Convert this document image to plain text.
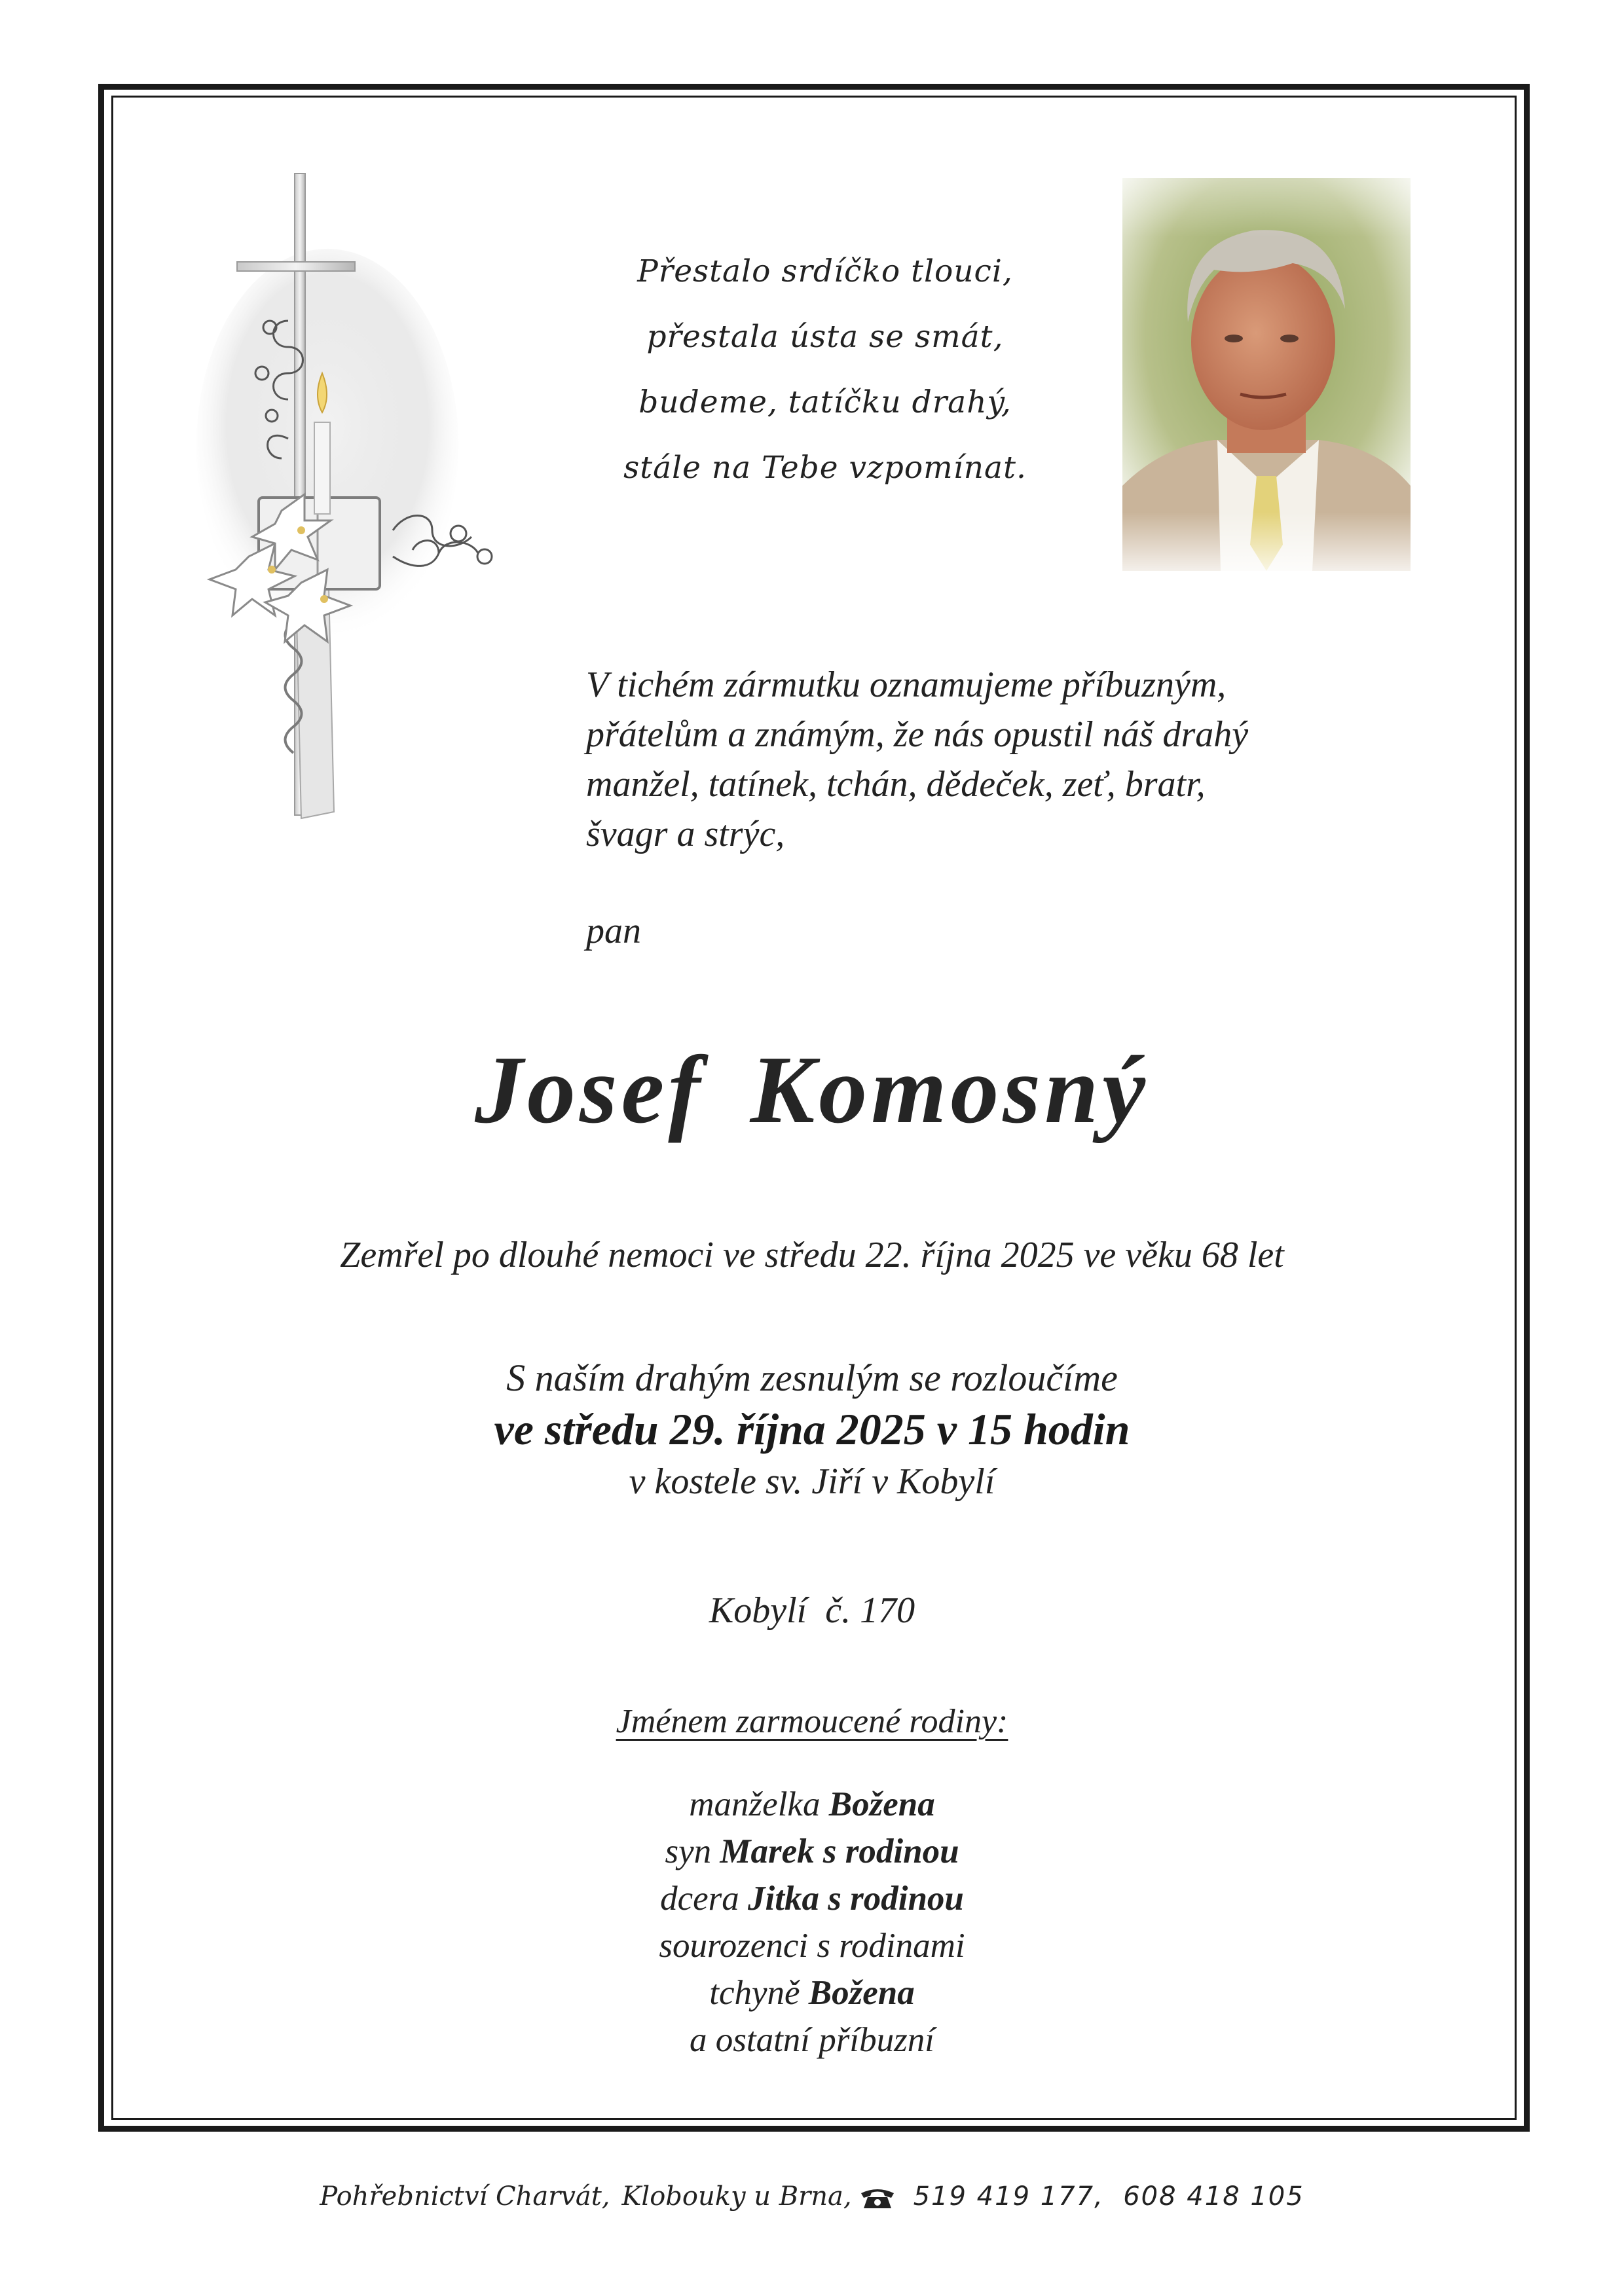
Přestalo srdíčko tlouci,
přestala ústa se smát,
budeme, tatíčku drahý,
stále na Tebe vzpomínat.
V tichém zármutku oznamujeme příbuzným,
přátelům a známým, že nás opustil náš drahý
manžel, tatínek, tchán, dědeček, zeť, bratr,
švagr a strýc,
pan
Josef Komosný
Zemřel po dlouhé nemoci ve středu 22. října 2025 ve věku 68 let
S naším drahým zesnulým se rozloučíme
ve středu 29. října 2025 v 15 hodin
v kostele sv. Jiří v Kobylí
Kobylí  č. 170
Jménem zarmoucené rodiny:
manželka Božena
syn Marek s rodinou
dcera Jitka s rodinou
sourozenci s rodinami
tchyně Božena
a ostatní příbuzní
Pohřebnictví Charvát, Klobouky u Brna, 519 419 177,  608 418 105
